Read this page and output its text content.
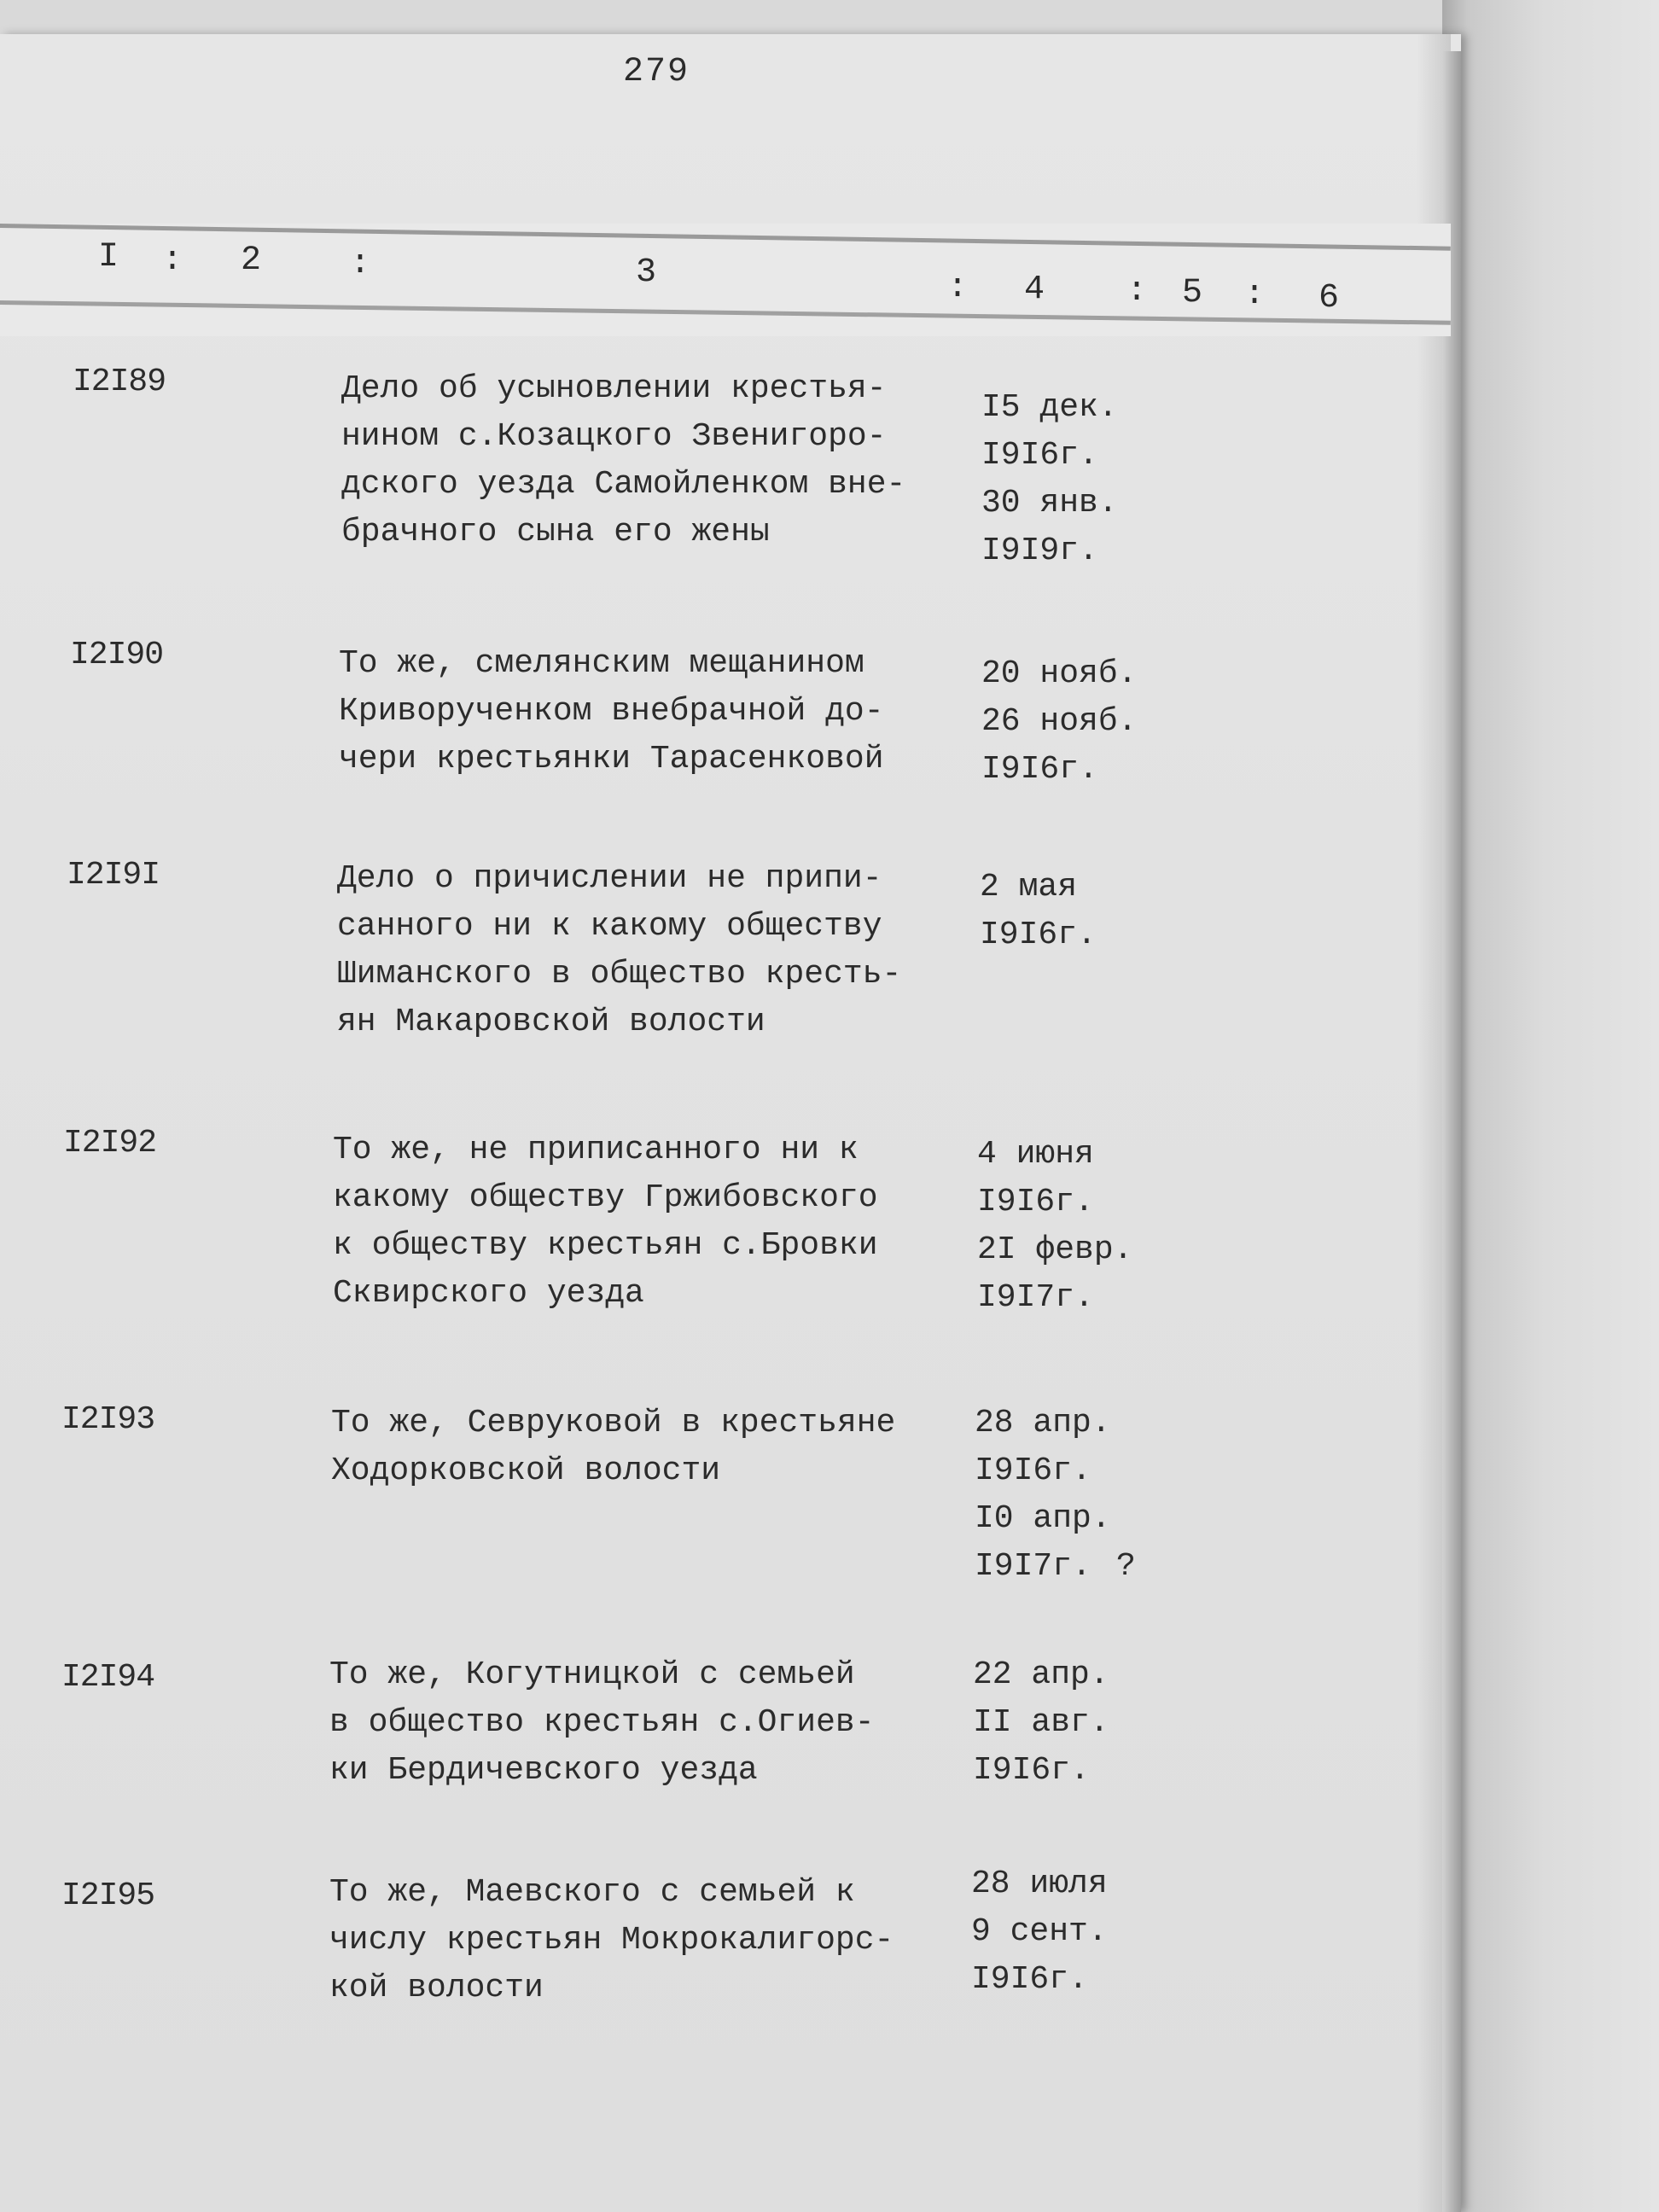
279
I : 2	:	3	: 4 : 5 : 6
I2I89	Дело об усыновлении крестья-
нином с.Козацкого Звенигоро-
дского уезда Самойленком вне-
брачного сына его жены
I5 дек.
I9I6г.
30 янв.
I9I9г.
I2I90	То же, смелянским мещанином
Криворученком внебрачной до-
чери крестьянки Тарасенковой
20 нояб.
26 нояб.
I9I6г.
I2I9I	Дело о причислении не припи-
санного ни к какому обществу
Шиманского в общество кресть-
ян Макаровской волости
2 мая
I9I6г.
I2I92	То же, не приписанного ни к
какому обществу Гржибовского
к обществу крестьян с.Бровки
Сквирского уезда
4 июня
I9I6г.
2I февр.
I9I7г.
I2I93	То же, Севруковой в крестьяне
Ходорковской волости
28 апр.
I9I6г.
I0 апр.
I9I7г. ?
I2I94	То же, Когутницкой с семьей
в общество крестьян с.Огиев-
ки Бердичевского уезда
22 апр.
II авг.
I9I6г.
I2I95	То же, Маевского с семьей к
числу крестьян Мокрокалигорс-
кой волости
28 июля
9 сент.
I9I6г.
